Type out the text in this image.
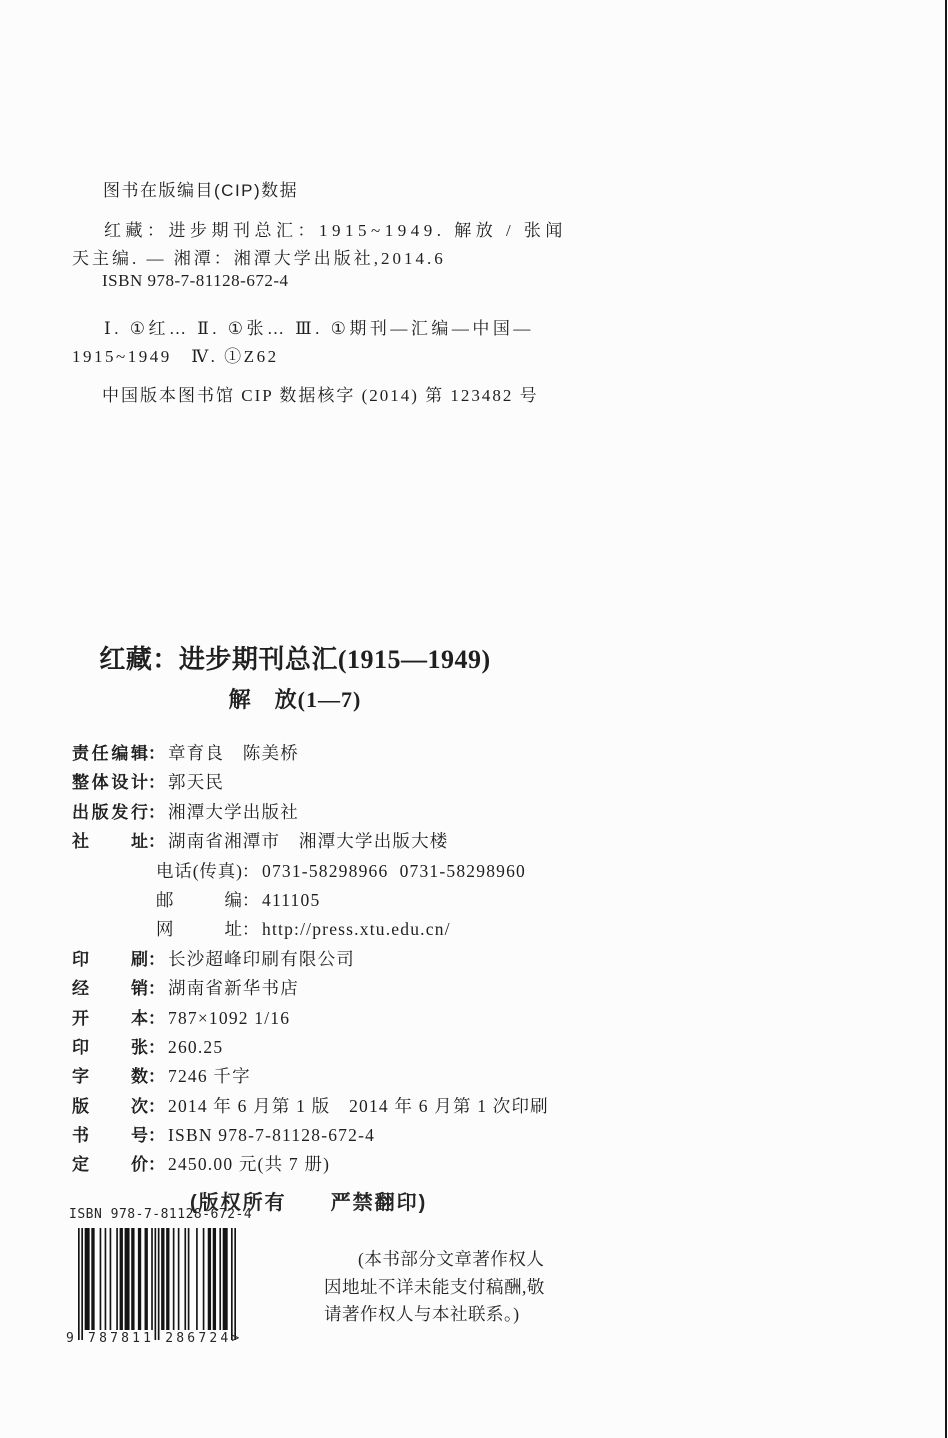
图书在版编目(CIP)数据
红藏：进步期刊总汇：1915~1949. 解放 / 张闻
天主编. — 湘潭：湘潭大学出版社,2014.6
ISBN 978-7-81128-672-4
Ⅰ. ①红… Ⅱ. ①张… Ⅲ. ①期刊—汇编—中国—
1915~1949　Ⅳ. ①Z62
中国版本图书馆 CIP 数据核字 (2014) 第 123482 号
红藏：进步期刊总汇(1915—1949)
解　放(1—7)
责任编辑： 章育良　陈美桥
整体设计： 郭天民
出版发行： 湘潭大学出版社
社址： 湖南省湘潭市　湘潭大学出版大楼
电话(传真)： 0731-58298966  0731-58298960
邮编： 411105
网址： http://press.xtu.edu.cn/
印刷： 长沙超峰印刷有限公司
经销： 湖南省新华书店
开本： 787×1092 1/16
印张： 260.25
字数： 7246 千字
版次： 2014 年 6 月第 1 版　2014 年 6 月第 1 次印刷
书号： ISBN 978-7-81128-672-4
定价： 2450.00 元(共 7 册)
(版权所有　　严禁翻印)
ISBN 978-7-81128-672-4
9 787811 286724>
(本书部分文章著作权人
因地址不详未能支付稿酬,敬
请著作权人与本社联系。)
